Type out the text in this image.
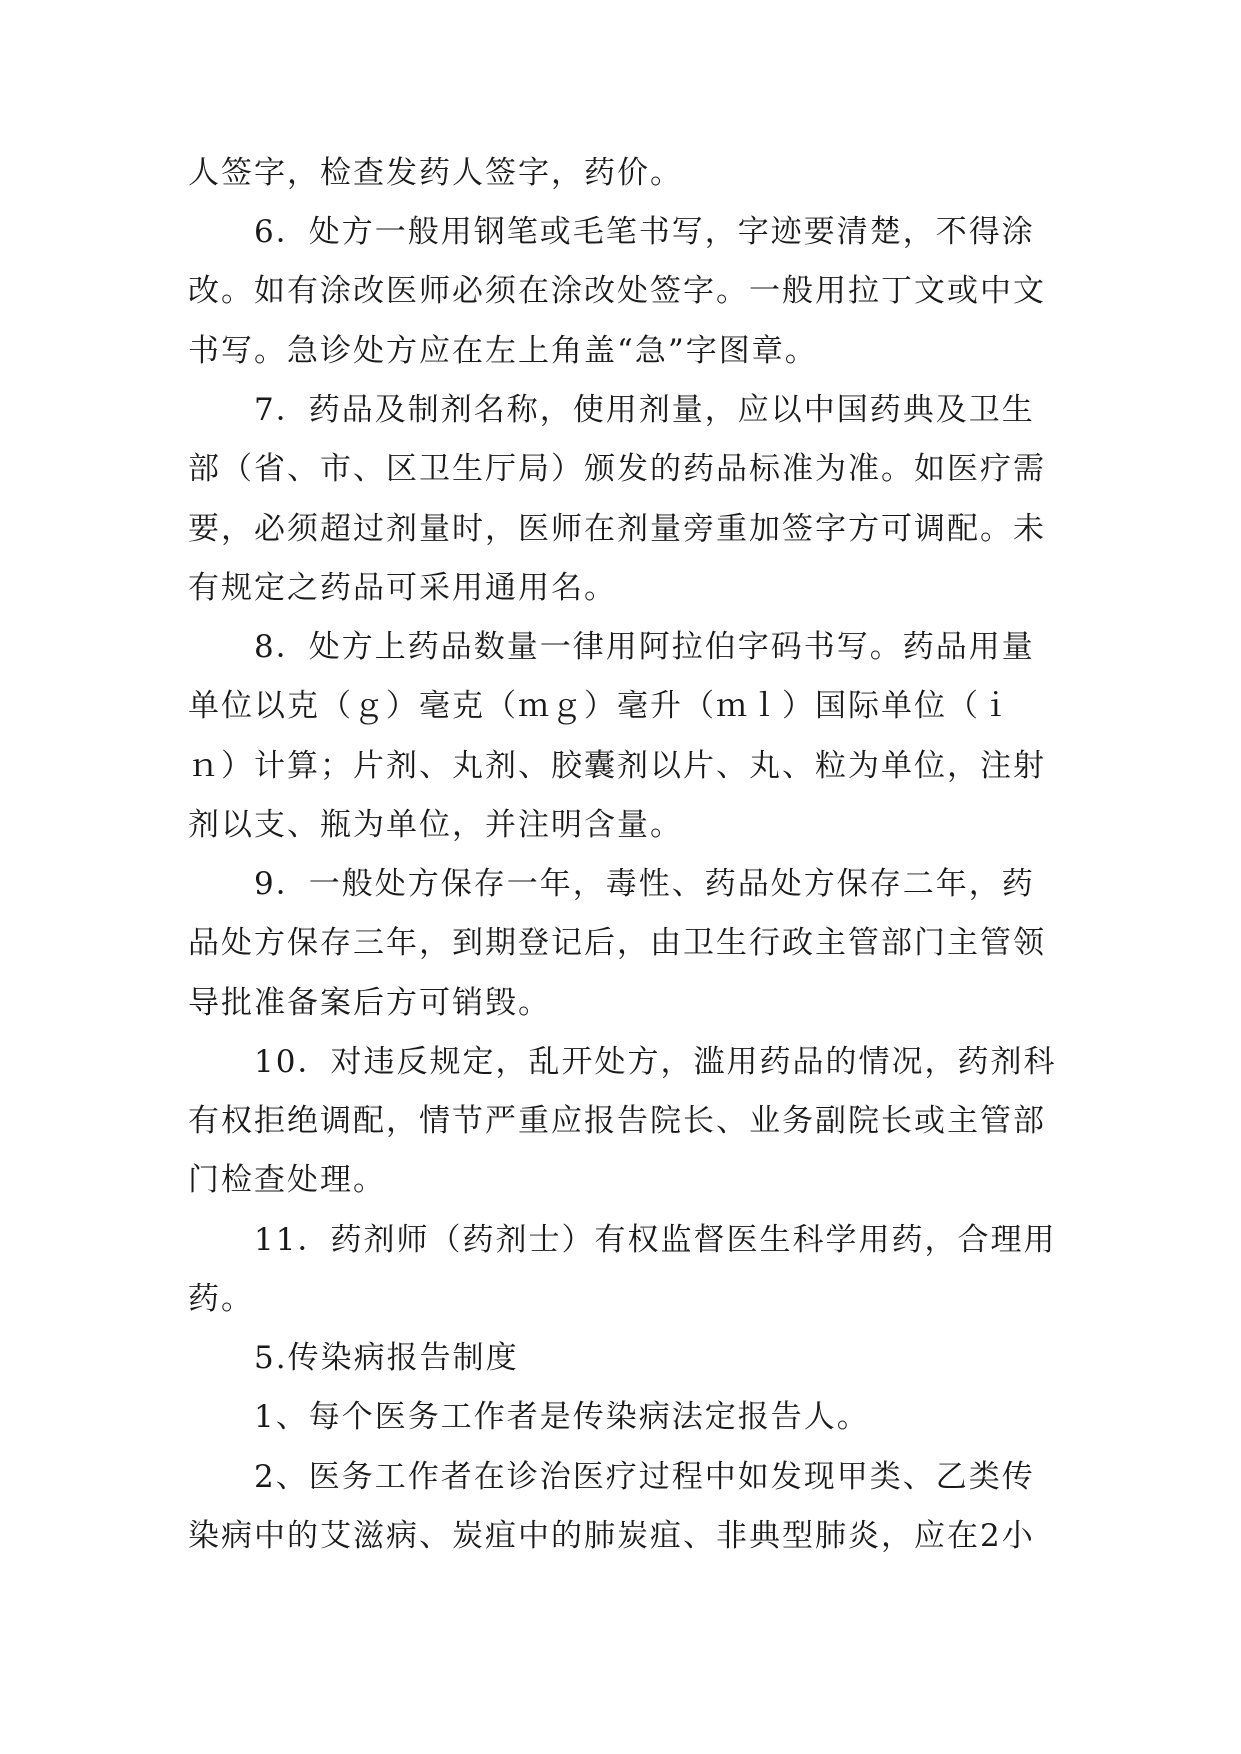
人签字，检查发药人签字，药价。
　　6．处方一般用钢笔或毛笔书写，字迹要清楚，不得涂
改。如有涂改医师必须在涂改处签字。一般用拉丁文或中文
书写。急诊处方应在左上角盖“急”字图章。
　　7．药品及制剂名称，使用剂量，应以中国药典及卫生
部（省、市、区卫生厅局）颁发的药品标准为准。如医疗需
要，必须超过剂量时，医师在剂量旁重加签字方可调配。未
有规定之药品可采用通用名。
　　8．处方上药品数量一律用阿拉伯字码书写。药品用量
单位以克（ｇ）毫克（ｍｇ）毫升（ｍｌ）国际单位（ｉ
ｎ）计算；片剂、丸剂、胶囊剂以片、丸、粒为单位，注射
剂以支、瓶为单位，并注明含量。
　　9．一般处方保存一年，毒性、药品处方保存二年，药
品处方保存三年，到期登记后，由卫生行政主管部门主管领
导批准备案后方可销毁。
　　10．对违反规定，乱开处方，滥用药品的情况，药剂科
有权拒绝调配，情节严重应报告院长、业务副院长或主管部
门检查处理。
　　11．药剂师（药剂士）有权监督医生科学用药，合理用
药。
　　5.传染病报告制度
　　1、每个医务工作者是传染病法定报告人。
　　2、医务工作者在诊治医疗过程中如发现甲类、乙类传
染病中的艾滋病、炭疽中的肺炭疽、非典型肺炎，应在2小
